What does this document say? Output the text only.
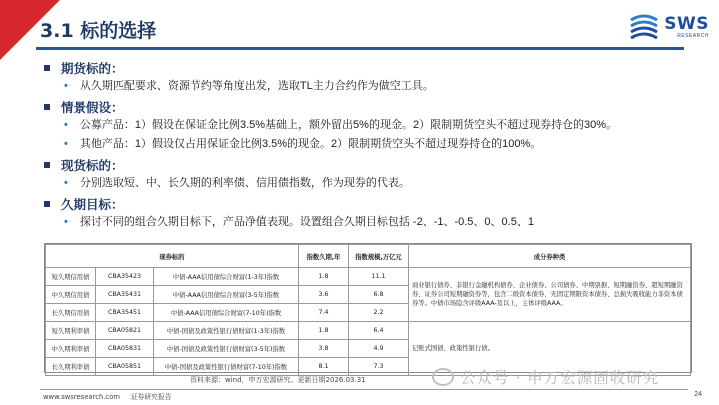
3.1 标的选择	SWS
RESEARCH
期货标的：
• 从久期匹配要求、资源节约等角度出发，选取TL主力合约作为做空工具。
情景假设：
• 公募产品：1）假设在保证金比例3.5%基础上，额外留出5%的现金。2）限制期货空头不超过现券持仓的30%。
• 其他产品：1）假设仅占用保证金比例3.5%的现金。2）限制期货空头不超过现券持仓的100%。
现货标的：
• 分别选取短、中、长久期的利率债、信用债指数，作为现券的代表。
久期目标：
• 探讨不同的组合久期目标下，产品净值表现。设置组合久期目标包括 -2、-1、-0.5、0、0.5、1
现券标的			指数久期,年	指数规模,万亿元	成分券种类
短久期信用债	CBA35423	中债-AAA信用债综合财富(1-3年)指数	1.8	11.1	商业银行债券、非银行金融机构债券、企业债券、公司债券、中期票据、短期融资券、超短期融资券、证券公司短期融资券等，包含二级资本债券、无固定期限资本债券、总损失吸收能力非资本债券等。中债市场隐含评级AAA-及以上，主体评级AAA。
中久期信用债	CBA35431	中债-AAA信用债综合财富(3-5年)指数	3.6	6.8	
长久期信用债	CBA35451	中债-AAA信用债综合财富(7-10年)指数	7.4	2.2	
短久期利率债	CBA05821	中债-国债及政策性银行债财富(1-3年)指数	1.8	6.4	记账式国债、政策性银行债。
中久期利率债	CBA05831	中债-国债及政策性银行债财富(3-5年)指数	3.8	4.9	
长久期利率债	CBA05851	中债-国债及政策性银行债财富(7-10年)指数	8.1	7.3	
资料来源：wind，申万宏源研究。更新日期2026.03.31	公众号 · 申万宏源固收研究
www.swsresearch.com 证券研究报告	24
